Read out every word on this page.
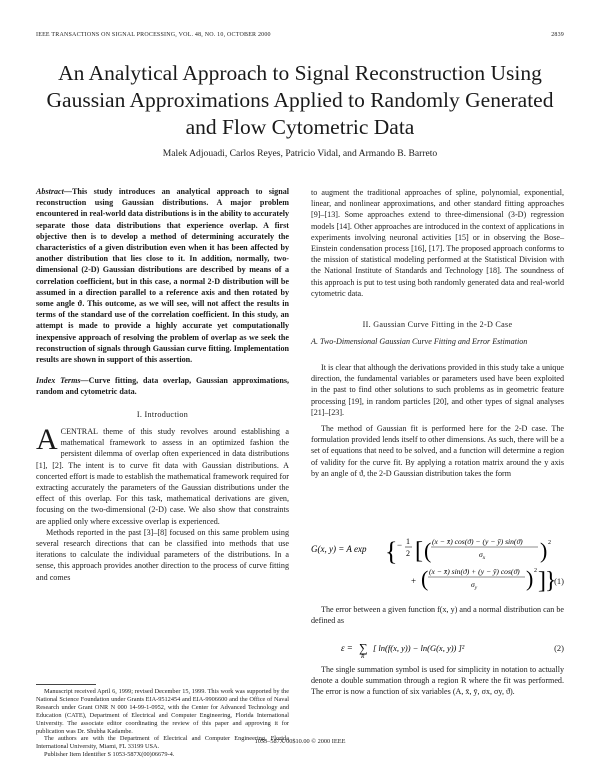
IEEE TRANSACTIONS ON SIGNAL PROCESSING, VOL. 48, NO. 10, OCTOBER 2000	2839
An Analytical Approach to Signal Reconstruction Using Gaussian Approximations Applied to Randomly Generated and Flow Cytometric Data
Malek Adjouadi, Carlos Reyes, Patricio Vidal, and Armando B. Barreto
Abstract—This study introduces an analytical approach to signal reconstruction using Gaussian distributions. A major problem encountered in real-world data distributions is in the ability to accurately separate those data distributions that experience overlap. A first objective then is to develop a method of determining accurately the characteristics of a given distribution even when it has been affected by another distribution that lies close to it. In addition, normally, two-dimensional (2-D) Gaussian distributions are described by means of a correlation coefficient, but in this case, a normal 2-D distribution will be assumed in a direction parallel to a reference axis and then rotated by some angle ϑ. This outcome, as we will see, will not affect the results in terms of the standard use of the correlation coefficient. In this study, an attempt is made to provide a highly accurate yet computationally inexpensive approach of resolving the problem of overlap as we seek the reconstruction of signals through Gaussian curve fitting. Implementation results are shown in support of this assertion.
Index Terms—Curve fitting, data overlap, Gaussian approximations, random and cytometric data.
I. Introduction

ACENTRAL theme of this study revolves around establishing a mathematical framework to assess in an optimized fashion the persistent dilemma of overlap often experienced in data distributions [1], [2]. The intent is to curve fit data with Gaussian distributions. A concerted effort is made to establish the mathematical framework required for extracting accurately the parameters of the Gaussian distributions under the effect of this overlap. For this task, mathematical derivations are given, focusing on the two-dimensional (2-D) case. We also show that constraints are applied only where excessive overlap is experienced.

Methods reported in the past [3]–[8] focused on this same problem using several research directions that can be classified into methods that use iterations to calculate the individual parameters of the distributions. In a sense, this approach provides another direction to the process of curve fitting and comes

Manuscript received April 6, 1999; revised December 15, 1999. This work was supported by the National Science Foundation under Grants EIA-9512454 and EIA-9906600 and the Office of Naval Research under Grant ONR N 000 14-99-1-0952, with the Center for Advanced Technology and Education (CATE), Department of Electrical and Computer Engineering, Florida International University. The associate editor coordinating the review of this paper and approving it for publication was Dr. Shubha Kadambe.

The authors are with the Department of Electrical and Computer Engineering, Florida International University, Miami, FL 33199 USA.

Publisher Item Identifier S 1053-587X(00)06679-4.

to augment the traditional approaches of spline, polynomial, exponential, linear, and nonlinear approximations, and other standard fitting approaches [9]–[13]. Some approaches extend to three-dimensional (3-D) regression models [14]. Other approaches are introduced in the context of applications in experiments involving neuronal activities [15] or in observing the Bose–Einstein condensation process [16], [17]. The proposed approach conforms to the mission of statistical modeling performed at the Statistical Division with the National Institute of Standards and Technology [18]. The soundness of this approach is put to test using both randomly generated data and real-world cytometric data.

II. Gaussian Curve Fitting in the 2-D Case
A. Two-Dimensional Gaussian Curve Fitting and Error Estimation

It is clear that although the derivations provided in this study take a unique direction, the fundamental variables or parameters used have been exploited in the past to find other solutions to such problems as in geometric feature processing [19], in random particles [20], and other types of signal analyses [21]–[23].

The method of Gaussian fit is performed here for the 2-D case. The formulation provided lends itself to other dimensions. As such, there will be a set of equations that need to be solved, and a function will determine a region of validity for the curve fit. By applying a rotation matrix around the y axis by an angle of ϑ, the 2-D Gaussian distribution takes the form

G(x, y) = A exp { − 1
2 [ ( (x − x̄) cos(ϑ) − (y − ȳ) sin(ϑ)
$\sigma_x$ ) 2
+ ( (x − x̄) sin(ϑ) + (y − ȳ) cos(ϑ)
$\sigma_y$ ) 2 ] }
(1)

The error between a given function f(x, y) and a normal distribution can be defined as

ε = ∑
R
[ ln(f(x, y)) − ln(G(x, y)) ]²	(2)

The single summation symbol is used for simplicity in notation to actually denote a double summation through a region R where the fit was performed. The error is now a function of six variables (A, x̄, ȳ, σx, σy, ϑ).

1053–587X/00$10.00 © 2000 IEEE
